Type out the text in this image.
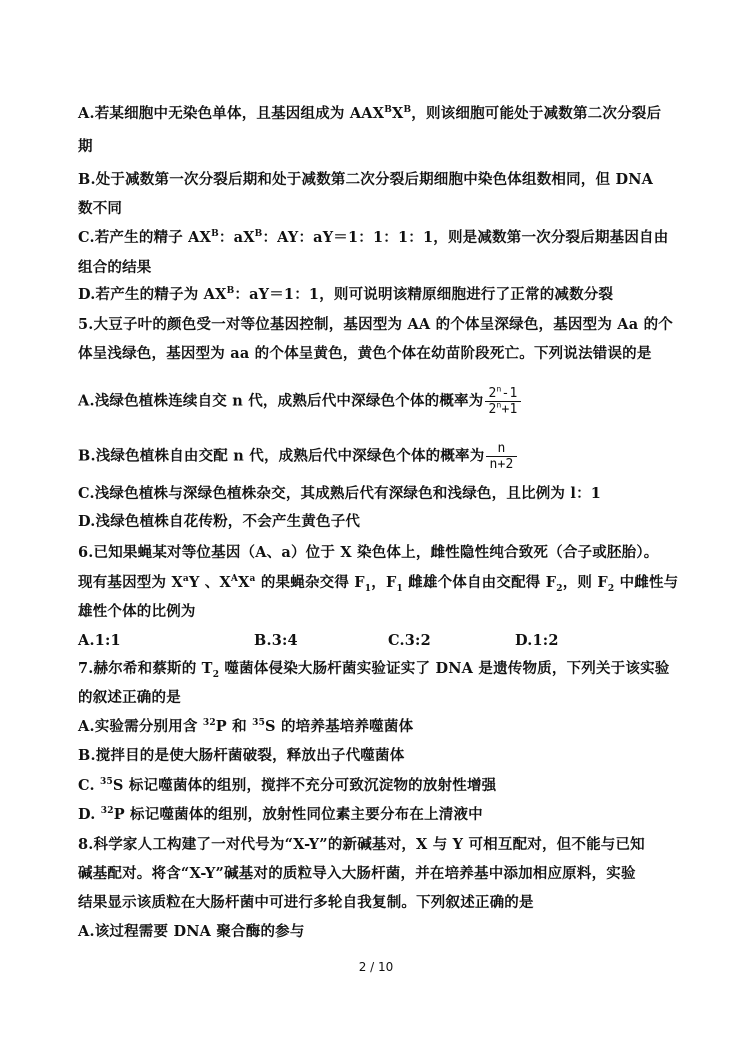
A.若某细胞中无染色单体，且基因组成为 $AAX^BX^B$，则该细胞可能处于减数第二次分裂后
期
B.处于减数第一次分裂后期和处于减数第二次分裂后期细胞中染色体组数相同，但 DNA
数不同
C.若产生的精子 $AX^B$：$aX^B$：AY：aY＝1：1：1：1，则是减数第一次分裂后期基因自由
组合的结果
D.若产生的精子为 $AX^B$：aY＝1：1，则可说明该精原细胞进行了正常的减数分裂
5.大豆子叶的颜色受一对等位基因控制，基因型为 AA 的个体呈深绿色，基因型为 Aa 的个
体呈浅绿色，基因型为 aa 的个体呈黄色，黄色个体在幼苗阶段死亡。下列说法错误的是
A.浅绿色植株连续自交 n 代，成熟后代中深绿色个体的概率为 $\frac{2^n-1}{2^n+1}$
B.浅绿色植株自由交配 n 代，成熟后代中深绿色个体的概率为 $\frac{n}{n+2}$
C.浅绿色植株与深绿色植株杂交，其成熟后代有深绿色和浅绿色，且比例为 l：1
D.浅绿色植株自花传粉，不会产生黄色子代
6.已知果蝇某对等位基因（A、a）位于 X 染色体上，雌性隐性纯合致死（合子或胚胎）。
现有基因型为 $X^aY$ 、$X^AX^a$ 的果蝇杂交得 $F_1$，$F_1$ 雌雄个体自由交配得 $F_2$，则 $F_2$ 中雌性与
雄性个体的比例为
A.1:1	B.3:4	C.3:2	D.1:2
7.赫尔希和蔡斯的 $T_2$ 噬菌体侵染大肠杆菌实验证实了 DNA 是遗传物质，下列关于该实验
的叙述正确的是
A.实验需分别用含 $^{32}$P 和 $^{35}$S 的培养基培养噬菌体
B.搅拌目的是使大肠杆菌破裂，释放出子代噬菌体
C. $^{35}$S 标记噬菌体的组别，搅拌不充分可致沉淀物的放射性增强
D. $^{32}$P 标记噬菌体的组别，放射性同位素主要分布在上清液中
8.科学家人工构建了一对代号为“X-Y”的新碱基对，X 与 Y 可相互配对，但不能与已知
碱基配对。将含“X-Y”碱基对的质粒导入大肠杆菌，并在培养基中添加相应原料，实验
结果显示该质粒在大肠杆菌中可进行多轮自我复制。下列叙述正确的是
A.该过程需要 DNA 聚合酶的参与
2 / 10
